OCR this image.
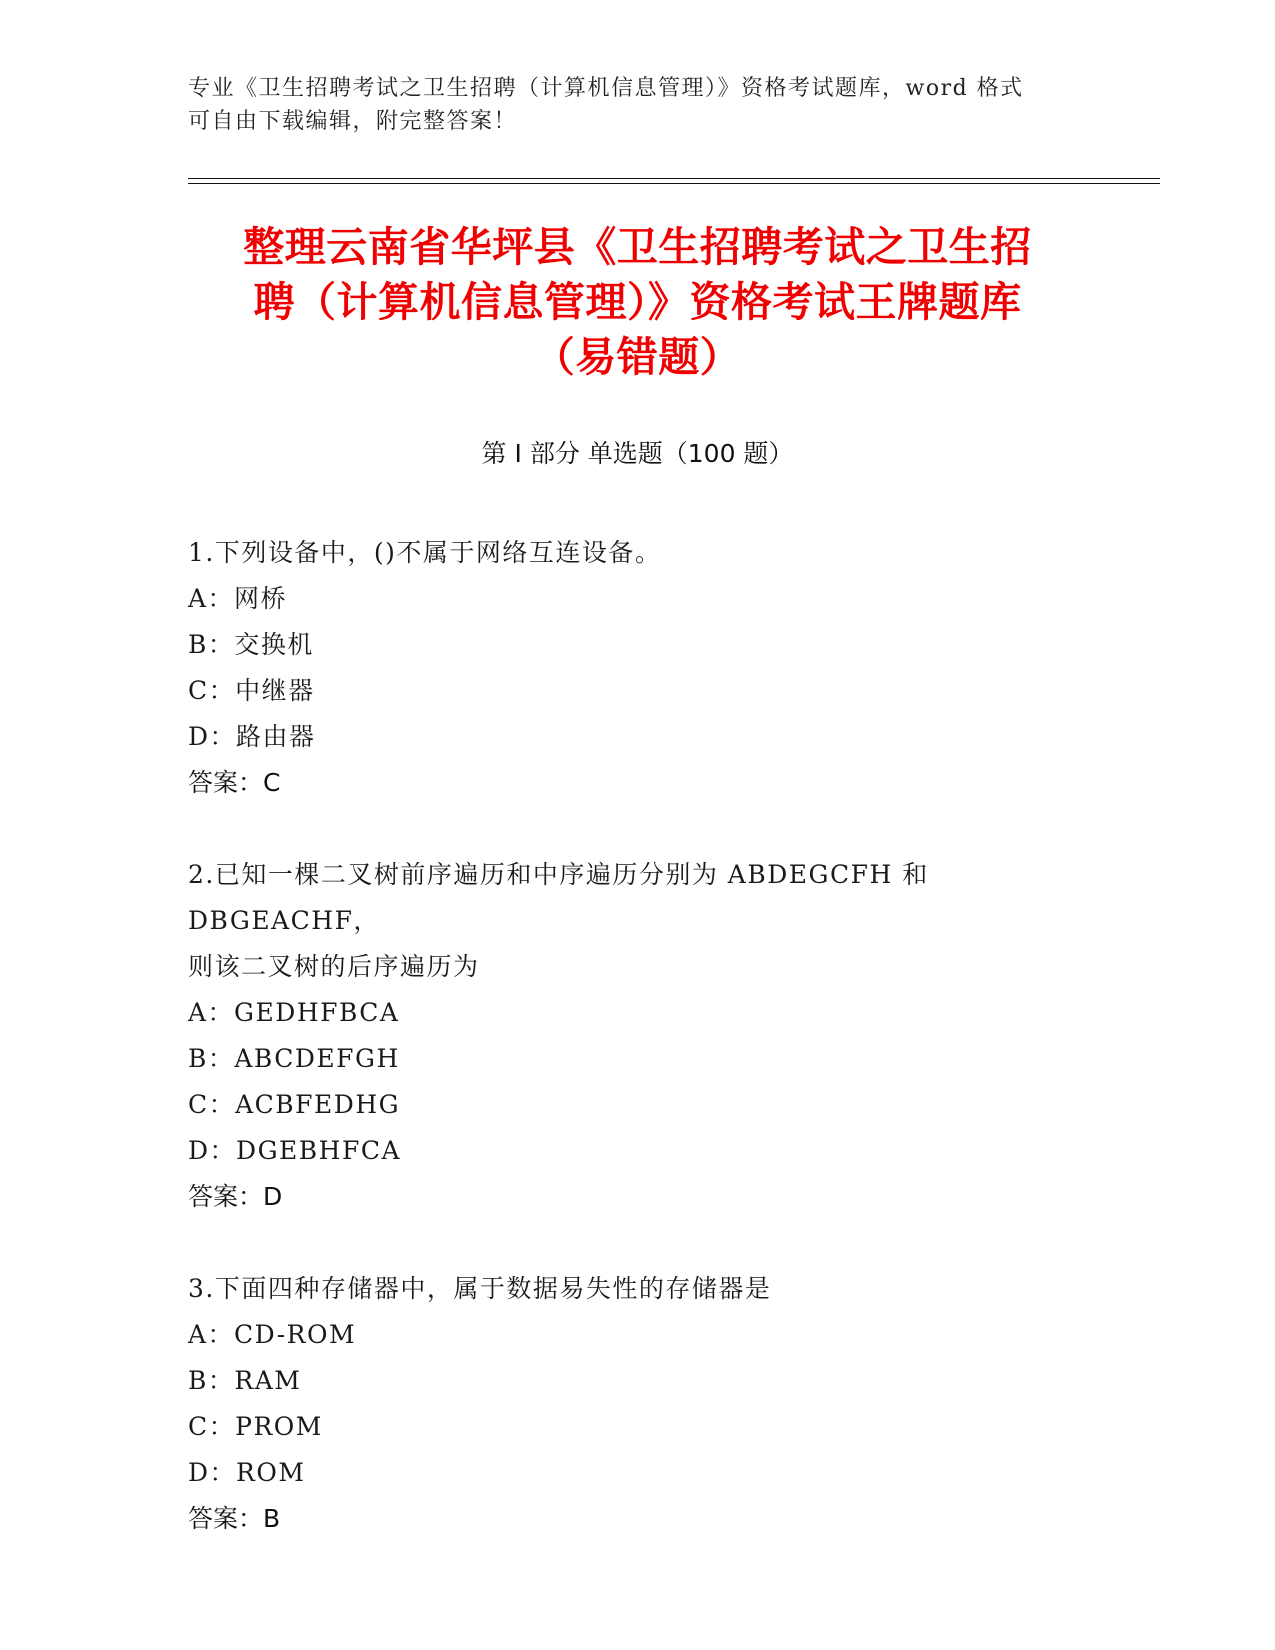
专业《卫生招聘考试之卫生招聘（计算机信息管理）》资格考试题库，word 格式
可自由下载编辑，附完整答案！
整理云南省华坪县《卫生招聘考试之卫生招
聘（计算机信息管理）》资格考试王牌题库
（易错题）
第 I 部分 单选题（100 题）
1.下列设备中，()不属于网络互连设备。
A：网桥
B：交换机
C：中继器
D：路由器
答案：C
2.已知一棵二叉树前序遍历和中序遍历分别为 ABDEGCFH 和 DBGEACHF，
则该二叉树的后序遍历为
A：GEDHFBCA
B：ABCDEFGH
C：ACBFEDHG
D：DGEBHFCA
答案：D
3.下面四种存储器中，属于数据易失性的存储器是
A：CD-ROM
B：RAM
C：PROM
D：ROM
答案：B
